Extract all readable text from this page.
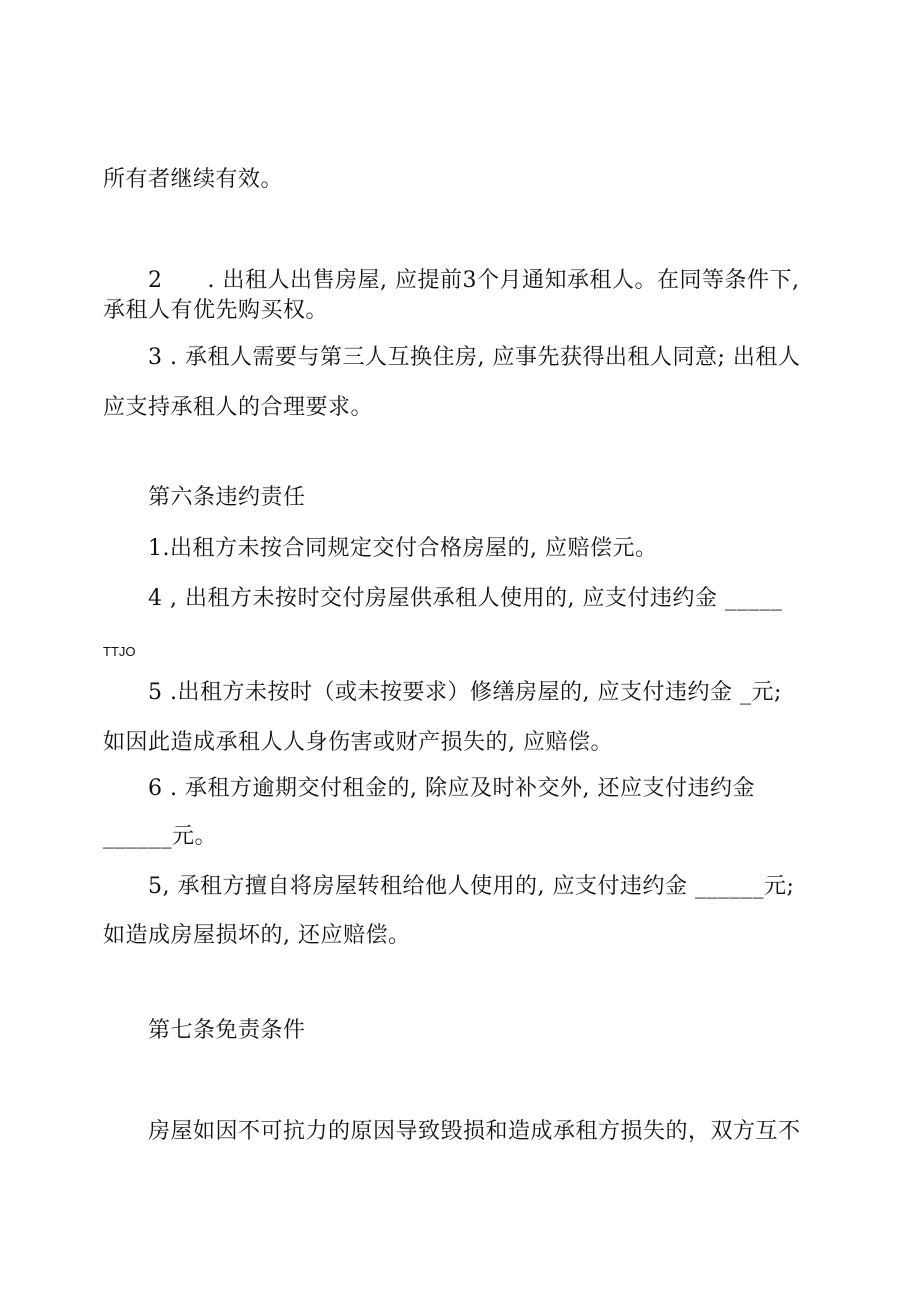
所有者继续有效。
2　　. 出租人出售房屋, 应提前3个月通知承租人。在同等条件下,
承租人有优先购买权。
3 . 承租人需要与第三人互换住房, 应事先获得出租人同意; 出租人
应支持承租人的合理要求。
第六条违约责任
1.出租方未按合同规定交付合格房屋的, 应赔偿元。
4 , 出租方未按时交付房屋供承租人使用的, 应支付违约金 _____
TTJO
5 .出租方未按时（或未按要求）修缮房屋的, 应支付违约金 _元;
如因此造成承租人人身伤害或财产损失的, 应赔偿。
6 . 承租方逾期交付租金的, 除应及时补交外, 还应支付违约金
______元。
5, 承租方擅自将房屋转租给他人使用的, 应支付违约金 ______元;
如造成房屋损坏的, 还应赔偿。
第七条免责条件
房屋如因不可抗力的原因导致毁损和造成承租方损失的，双方互不
